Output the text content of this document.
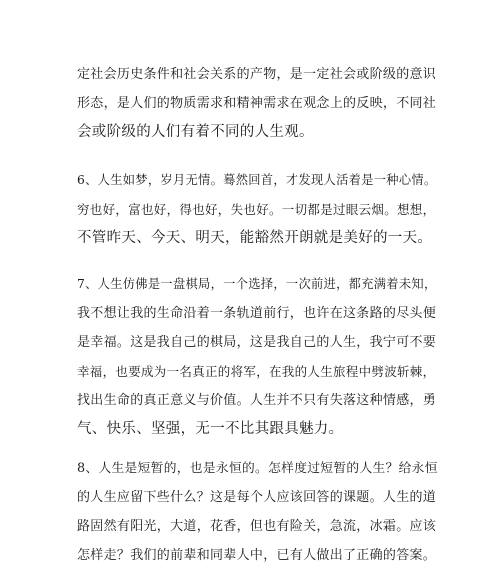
定社会历史条件和社会关系的产物，是一定社会或阶级的意识
形态，是人们的物质需求和精神需求在观念上的反映，不同社
会或阶级的人们有着不同的人生观。
6、人生如梦，岁月无情。蓦然回首，才发现人活着是一种心情。
穷也好，富也好，得也好，失也好。一切都是过眼云烟。想想，
不管昨天、今天、明天，能豁然开朗就是美好的一天。
7、人生仿佛是一盘棋局，一个选择，一次前进，都充满着未知，
我不想让我的生命沿着一条轨道前行，也许在这条路的尽头便
是幸福。这是我自己的棋局，这是我自己的人生，我宁可不要
幸福，也要成为一名真正的将军，在我的人生旅程中劈波斩棘，
找出生命的真正意义与价值。人生并不只有失落这种情感，勇
气、快乐、坚强，无一不比其跟具魅力。
8、人生是短暂的，也是永恒的。怎样度过短暂的人生？给永恒
的人生应留下些什么？这是每个人应该回答的课题。人生的道
路固然有阳光，大道，花香，但也有险关，急流，冰霜。应该
怎样走？我们的前辈和同辈人中，已有人做出了正确的答案。
